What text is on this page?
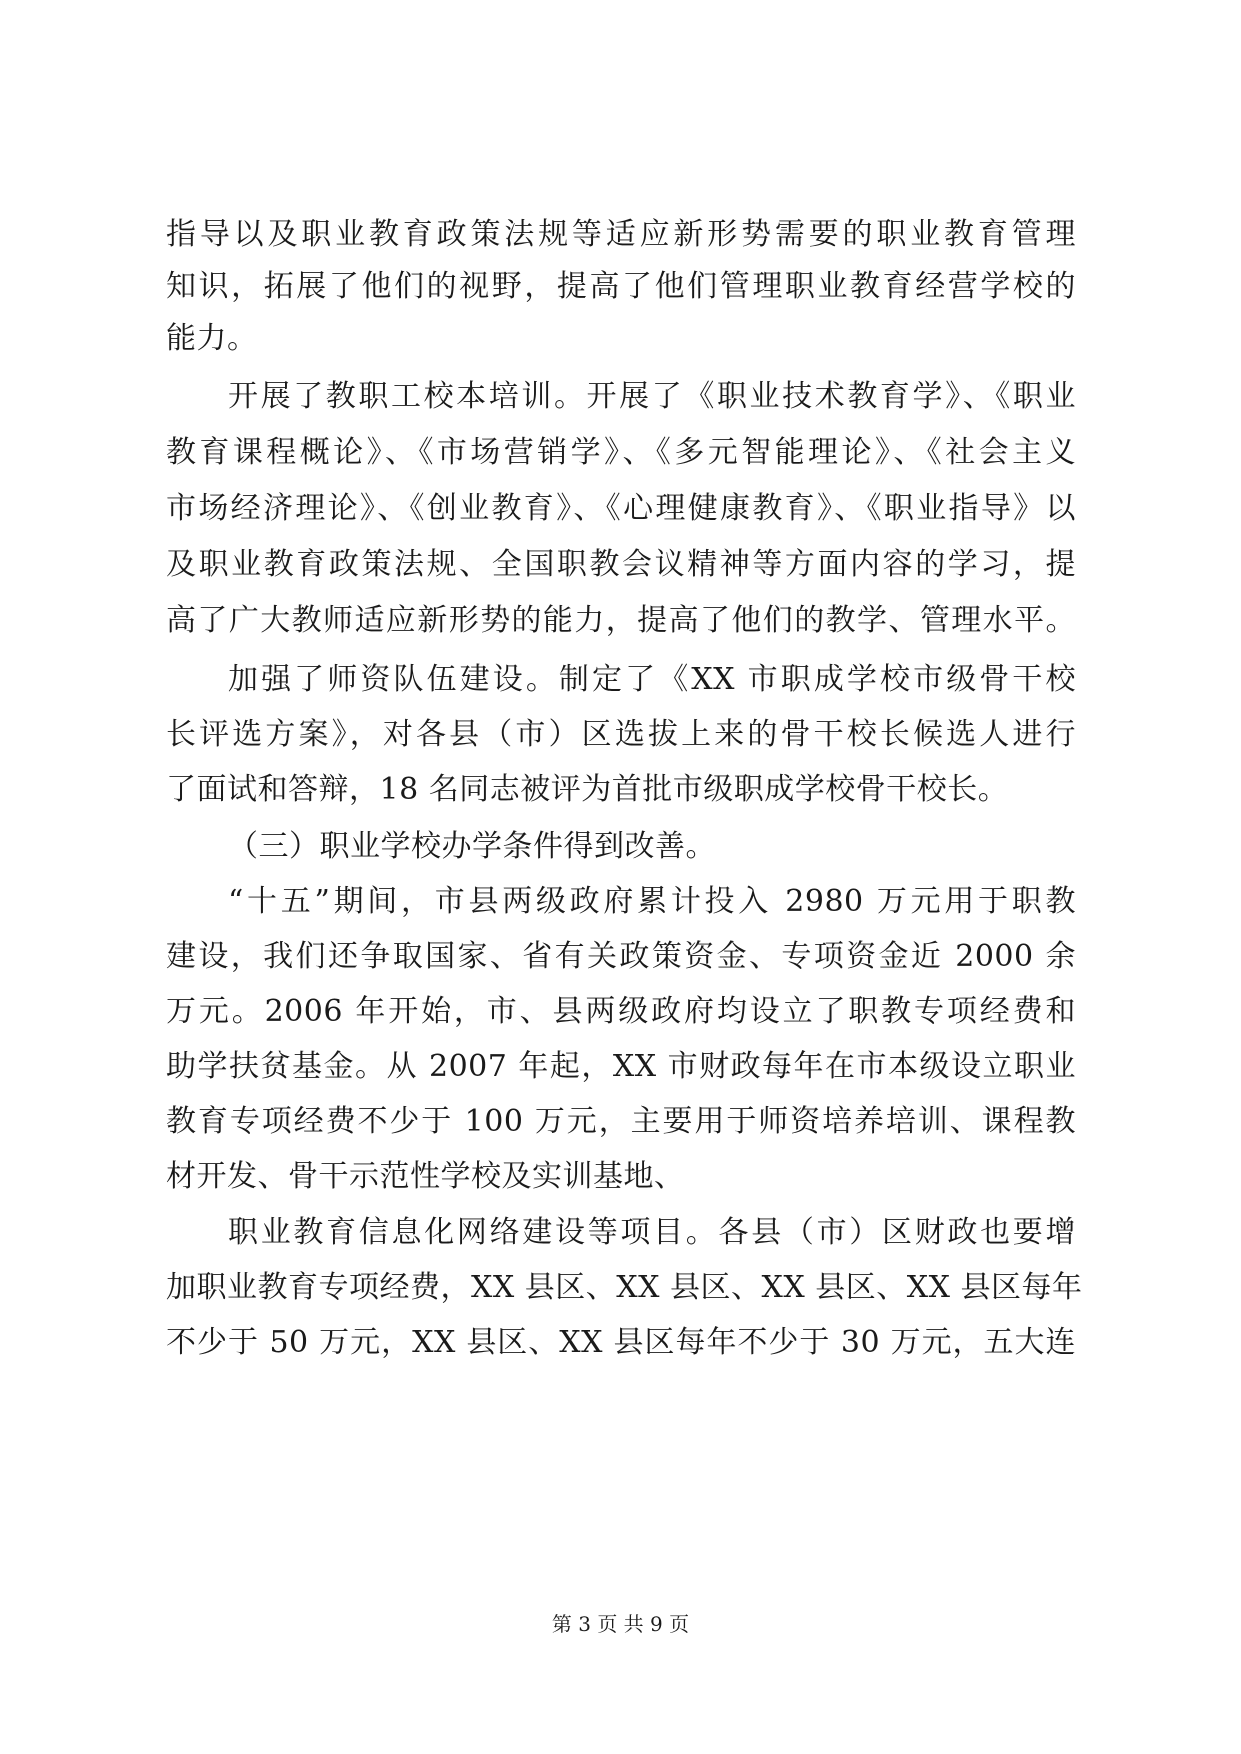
指导以及职业教育政策法规等适应新形势需要的职业教育管理
知识，拓展了他们的视野，提高了他们管理职业教育经营学校的
能力。
开展了教职工校本培训。开展了《职业技术教育学》、《职业
教育课程概论》、《市场营销学》、《多元智能理论》、《社会主义
市场经济理论》、《创业教育》、《心理健康教育》、《职业指导》以
及职业教育政策法规、全国职教会议精神等方面内容的学习，提
高了广大教师适应新形势的能力，提高了他们的教学、管理水平。
加强了师资队伍建设。制定了《XX 市职成学校市级骨干校
长评选方案》，对各县（市）区选拔上来的骨干校长候选人进行
了面试和答辩，18 名同志被评为首批市级职成学校骨干校长。
（三）职业学校办学条件得到改善。
“十五”期间，市县两级政府累计投入 2980 万元用于职教
建设，我们还争取国家、省有关政策资金、专项资金近 2000 余
万元。2006 年开始，市、县两级政府均设立了职教专项经费和
助学扶贫基金。从 2007 年起，XX 市财政每年在市本级设立职业
教育专项经费不少于 100 万元，主要用于师资培养培训、课程教
材开发、骨干示范性学校及实训基地、
职业教育信息化网络建设等项目。各县（市）区财政也要增
加职业教育专项经费，XX 县区、XX 县区、XX 县区、XX 县区每年
不少于 50 万元，XX 县区、XX 县区每年不少于 30 万元，五大连
第 3 页 共 9 页
